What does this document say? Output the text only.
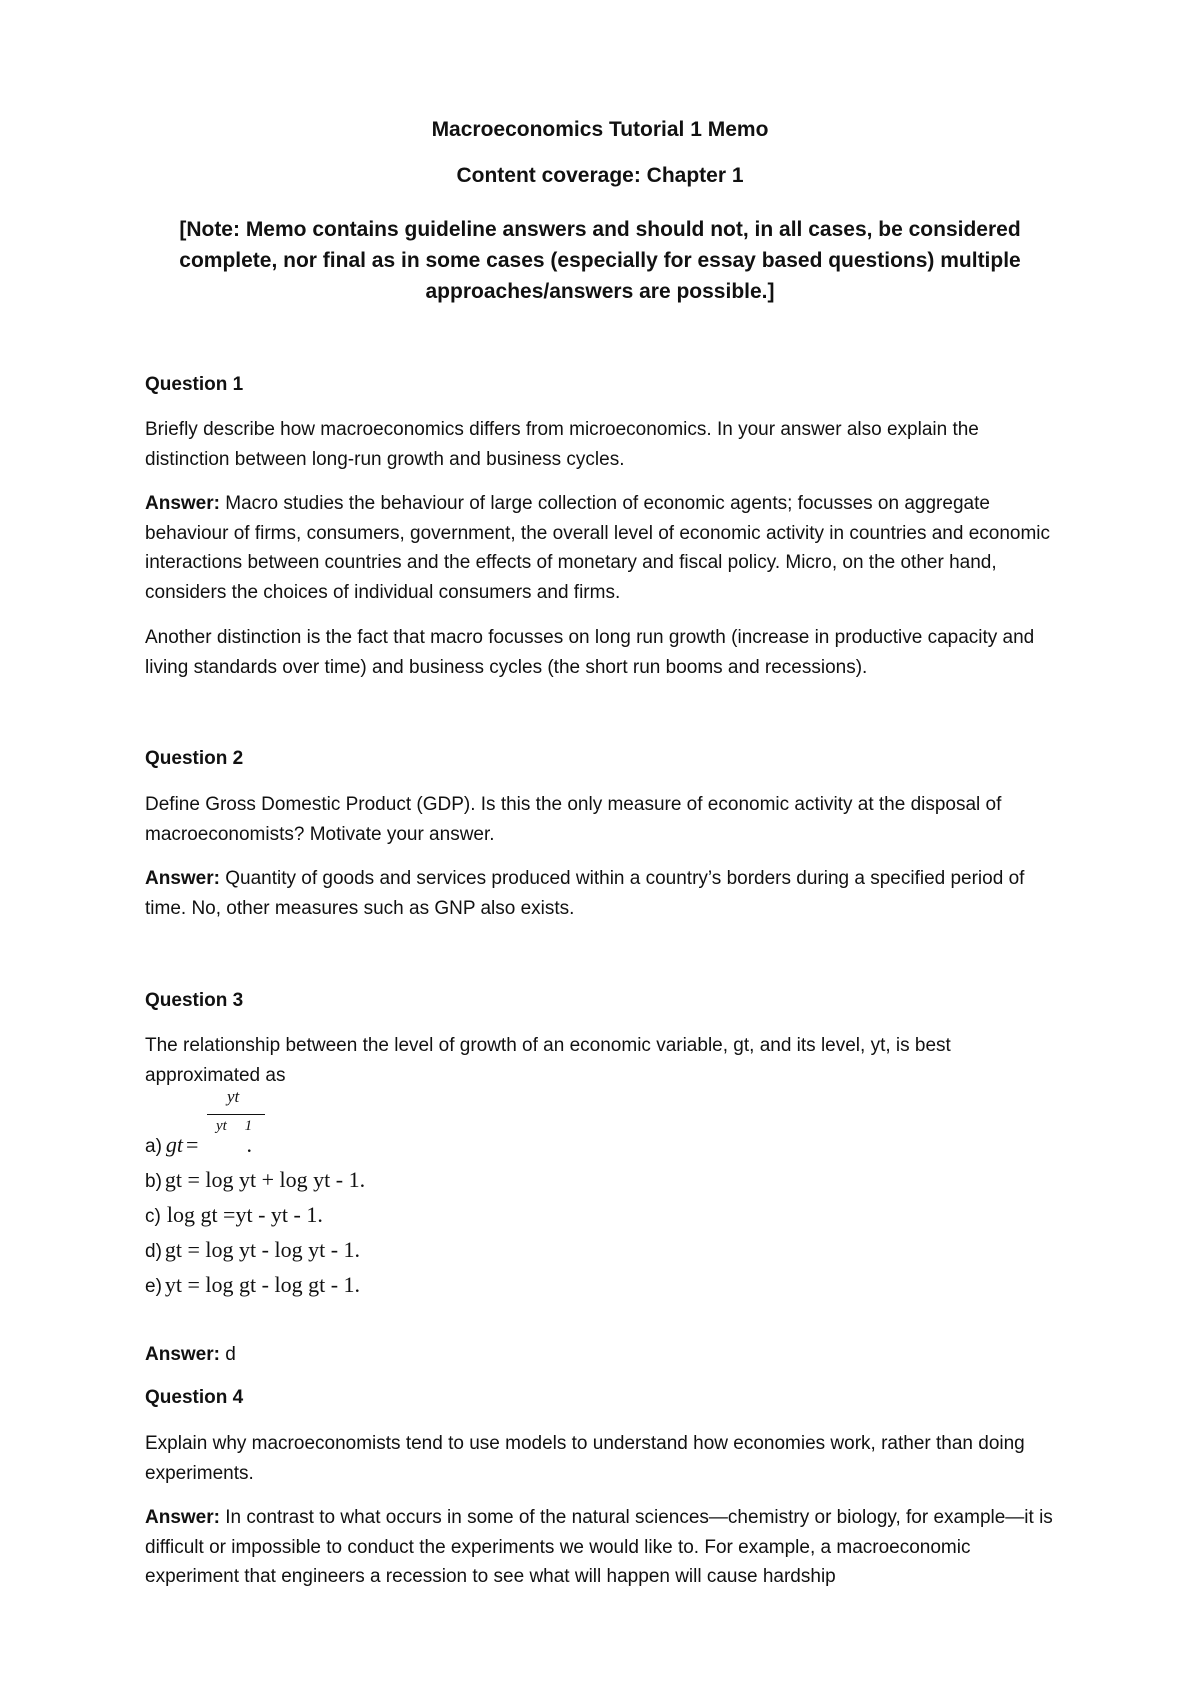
Macroeconomics Tutorial 1 Memo
Content coverage: Chapter 1
[Note: Memo contains guideline answers and should not, in all cases, be considered complete, nor final as in some cases (especially for essay based questions) multiple approaches/answers are possible.]
Question 1
Briefly describe how macroeconomics differs from microeconomics. In your answer also explain the distinction between long-run growth and business cycles.
Answer: Macro studies the behaviour of large collection of economic agents; focusses on aggregate behaviour of firms, consumers, government, the overall level of economic activity in countries and economic interactions between countries and the effects of monetary and fiscal policy. Micro, on the other hand, considers the choices of individual consumers and firms.
Another distinction is the fact that macro focusses on long run growth (increase in productive capacity and living standards over time) and business cycles (the short run booms and recessions).
Question 2
Define Gross Domestic Product (GDP). Is this the only measure of economic activity at the disposal of macroeconomists? Motivate your answer.
Answer: Quantity of goods and services produced within a country’s borders during a specified period of time. No, other measures such as GNP also exists.
Question 3
The relationship between the level of growth of an economic variable, gt, and its level, yt, is best approximated as
yt
yt 1
a) gt = .
b) gt = log yt + log yt - 1.
c) log gt =yt - yt - 1.
d) gt = log yt - log yt - 1.
e) yt = log gt - log gt - 1.
Answer: d
Question 4
Explain why macroeconomists tend to use models to understand how economies work, rather than doing experiments.
Answer: In contrast to what occurs in some of the natural sciences—chemistry or biology, for example—it is difficult or impossible to conduct the experiments we would like to. For example, a macroeconomic experiment that engineers a recession to see what will happen will cause hardship
